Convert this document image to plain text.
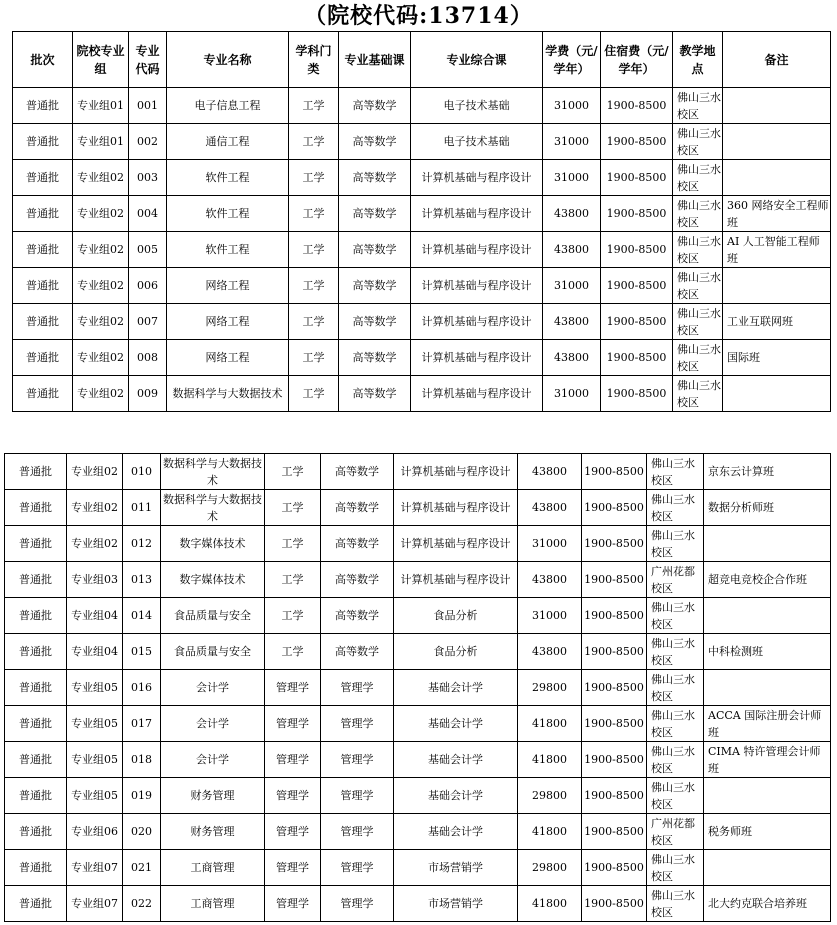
（院校代码:13714）
批次	院校专业组	专业代码	专业名称	学科门类	专业基础课	专业综合课	学费（元/学年）	住宿费（元/学年）	教学地点	备注
普通批	专业组01	001	电子信息工程	工学	高等数学	电子技术基础	31000	1900-8500	佛山三水校区	
普通批	专业组01	002	通信工程	工学	高等数学	电子技术基础	31000	1900-8500	佛山三水校区	
普通批	专业组02	003	软件工程	工学	高等数学	计算机基础与程序设计	31000	1900-8500	佛山三水校区	
普通批	专业组02	004	软件工程	工学	高等数学	计算机基础与程序设计	43800	1900-8500	佛山三水校区	360 网络安全工程师班
普通批	专业组02	005	软件工程	工学	高等数学	计算机基础与程序设计	43800	1900-8500	佛山三水校区	AI 人工智能工程师班
普通批	专业组02	006	网络工程	工学	高等数学	计算机基础与程序设计	31000	1900-8500	佛山三水校区	
普通批	专业组02	007	网络工程	工学	高等数学	计算机基础与程序设计	43800	1900-8500	佛山三水校区	工业互联网班
普通批	专业组02	008	网络工程	工学	高等数学	计算机基础与程序设计	43800	1900-8500	佛山三水校区	国际班
普通批	专业组02	009	数据科学与大数据技术	工学	高等数学	计算机基础与程序设计	31000	1900-8500	佛山三水校区	
普通批	专业组02	010	数据科学与大数据技术	工学	高等数学	计算机基础与程序设计	43800	1900-8500	佛山三水校区	京东云计算班
普通批	专业组02	011	数据科学与大数据技术	工学	高等数学	计算机基础与程序设计	43800	1900-8500	佛山三水校区	数据分析师班
普通批	专业组02	012	数字媒体技术	工学	高等数学	计算机基础与程序设计	31000	1900-8500	佛山三水校区	
普通批	专业组03	013	数字媒体技术	工学	高等数学	计算机基础与程序设计	43800	1900-8500	广州花都校区	超竞电竞校企合作班
普通批	专业组04	014	食品质量与安全	工学	高等数学	食品分析	31000	1900-8500	佛山三水校区	
普通批	专业组04	015	食品质量与安全	工学	高等数学	食品分析	43800	1900-8500	佛山三水校区	中科检测班
普通批	专业组05	016	会计学	管理学	管理学	基础会计学	29800	1900-8500	佛山三水校区	
普通批	专业组05	017	会计学	管理学	管理学	基础会计学	41800	1900-8500	佛山三水校区	ACCA 国际注册会计师班
普通批	专业组05	018	会计学	管理学	管理学	基础会计学	41800	1900-8500	佛山三水校区	CIMA 特许管理会计师班
普通批	专业组05	019	财务管理	管理学	管理学	基础会计学	29800	1900-8500	佛山三水校区	
普通批	专业组06	020	财务管理	管理学	管理学	基础会计学	41800	1900-8500	广州花都校区	税务师班
普通批	专业组07	021	工商管理	管理学	管理学	市场营销学	29800	1900-8500	佛山三水校区	
普通批	专业组07	022	工商管理	管理学	管理学	市场营销学	41800	1900-8500	佛山三水校区	北大约克联合培养班
